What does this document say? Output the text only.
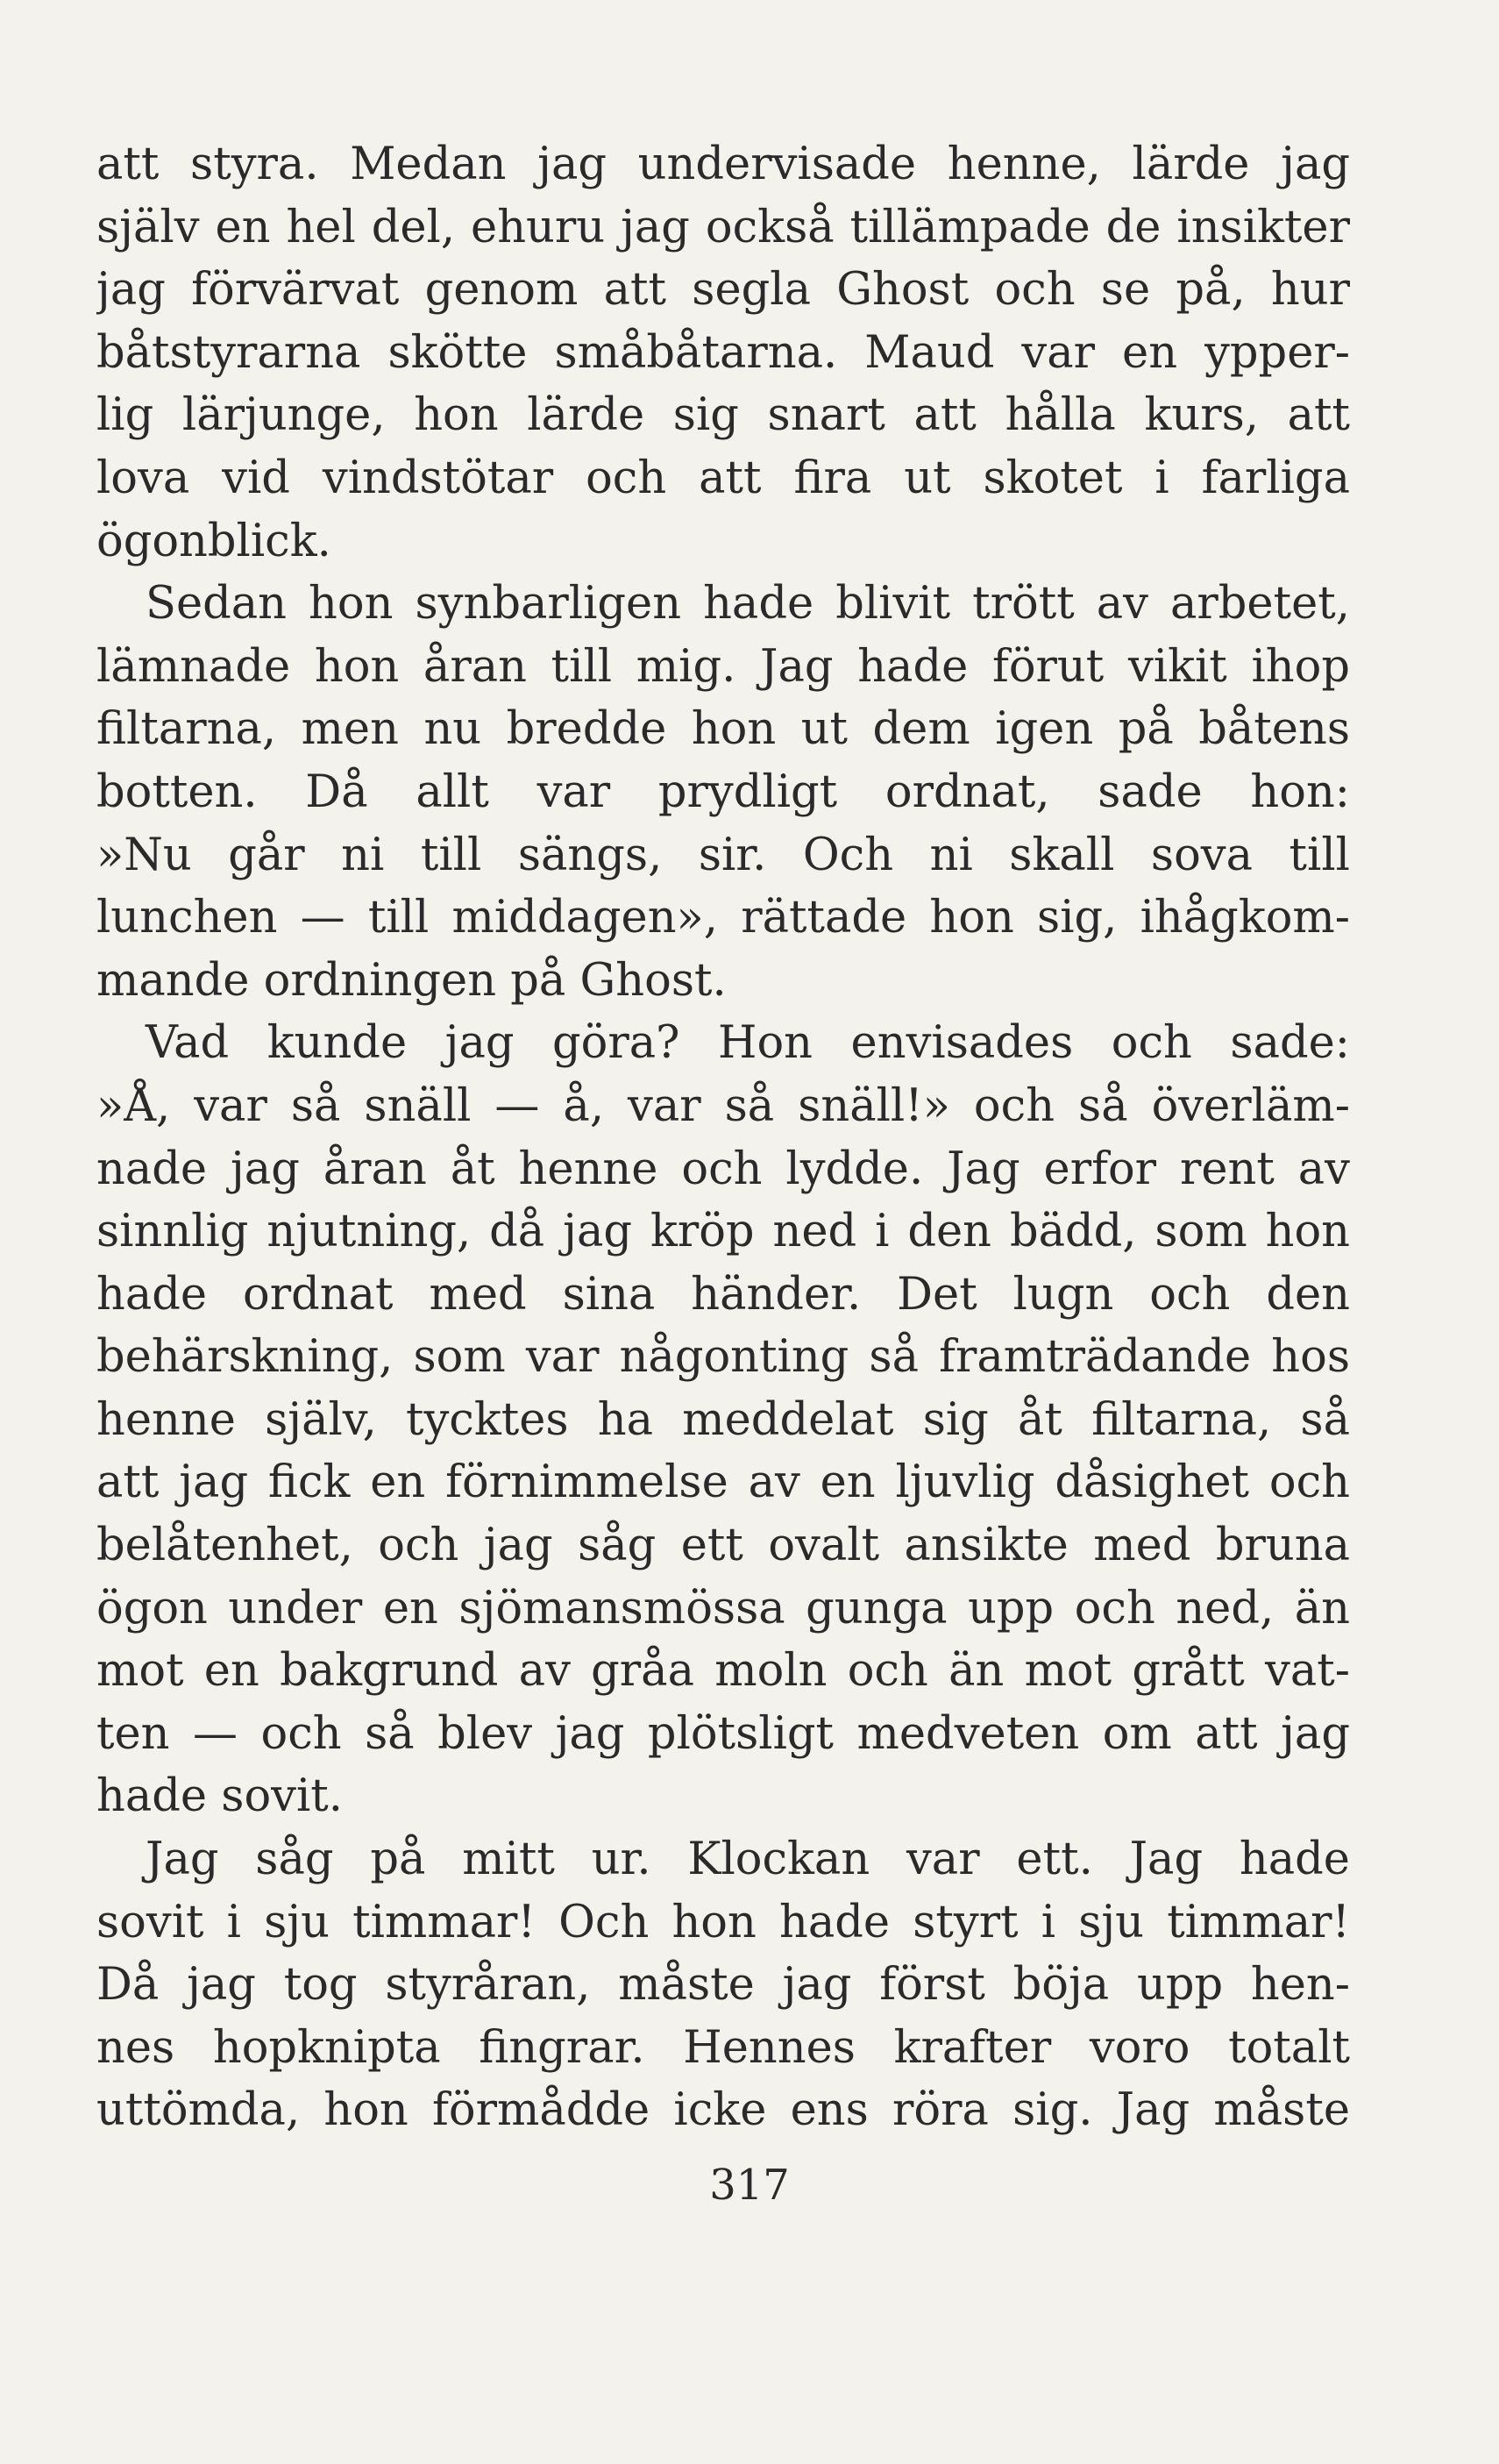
att styra. Medan jag undervisade henne, lärde jag
själv en hel del, ehuru jag också tillämpade de insikter
jag förvärvat genom att segla Ghost och se på, hur
båtstyrarna skötte småbåtarna. Maud var en ypper-
lig lärjunge, hon lärde sig snart att hålla kurs, att
lova vid vindstötar och att fira ut skotet i farliga
ögonblick.
Sedan hon synbarligen hade blivit trött av arbetet,
lämnade hon åran till mig. Jag hade förut vikit ihop
filtarna, men nu bredde hon ut dem igen på båtens
botten. Då allt var prydligt ordnat, sade hon:
»Nu går ni till sängs, sir. Och ni skall sova till
lunchen — till middagen», rättade hon sig, ihågkom-
mande ordningen på Ghost.
Vad kunde jag göra? Hon envisades och sade:
»Å, var så snäll — å, var så snäll!» och så överläm-
nade jag åran åt henne och lydde. Jag erfor rent av
sinnlig njutning, då jag kröp ned i den bädd, som hon
hade ordnat med sina händer. Det lugn och den
behärskning, som var någonting så framträdande hos
henne själv, tycktes ha meddelat sig åt filtarna, så
att jag fick en förnimmelse av en ljuvlig dåsighet och
belåtenhet, och jag såg ett ovalt ansikte med bruna
ögon under en sjömansmössa gunga upp och ned, än
mot en bakgrund av gråa moln och än mot grått vat-
ten — och så blev jag plötsligt medveten om att jag
hade sovit.
Jag såg på mitt ur. Klockan var ett. Jag hade
sovit i sju timmar! Och hon hade styrt i sju timmar!
Då jag tog styråran, måste jag först böja upp hen-
nes hopknipta fingrar. Hennes krafter voro totalt
uttömda, hon förmådde icke ens röra sig. Jag måste
317
